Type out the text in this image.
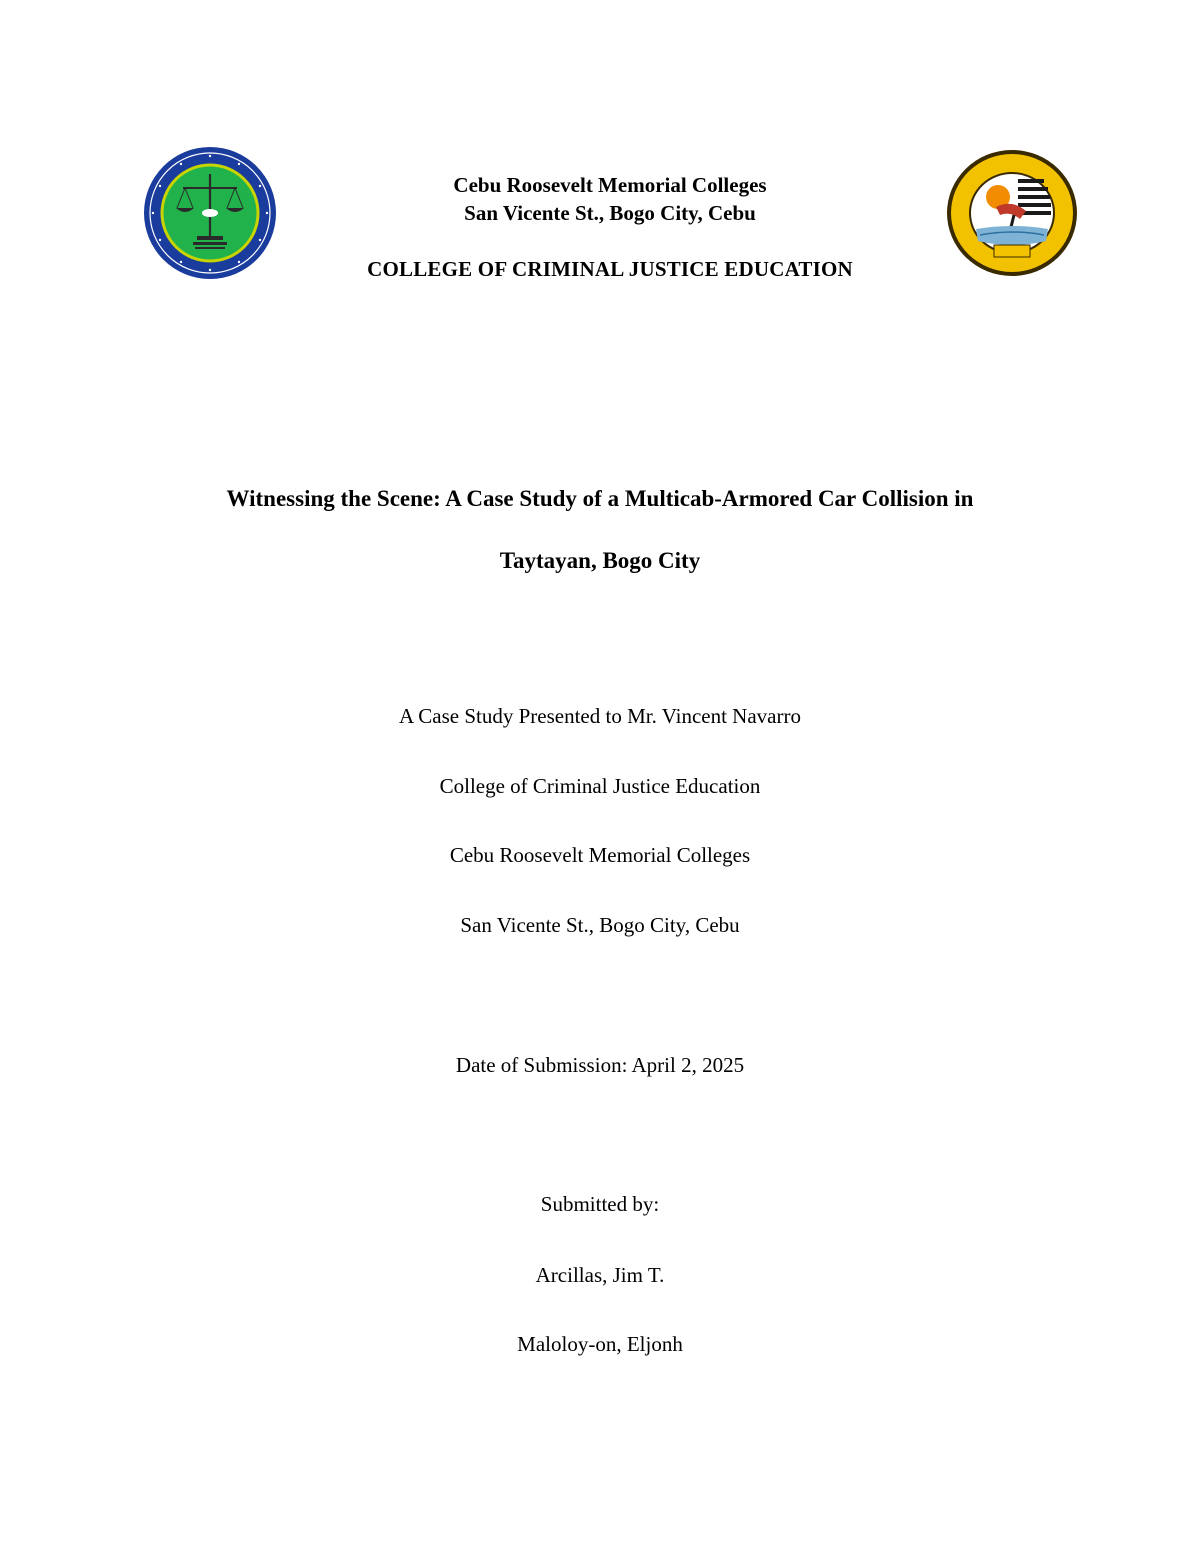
Cebu Roosevelt Memorial Colleges
San Vicente St., Bogo City, Cebu
COLLEGE OF CRIMINAL JUSTICE EDUCATION
Witnessing the Scene: A Case Study of a Multicab-Armored Car Collision in
Taytayan, Bogo City
A Case Study Presented to Mr. Vincent Navarro
College of Criminal Justice Education
Cebu Roosevelt Memorial Colleges
San Vicente St., Bogo City, Cebu
Date of Submission: April 2, 2025
Submitted by:
Arcillas, Jim T.
Maloloy-on, Eljonh
